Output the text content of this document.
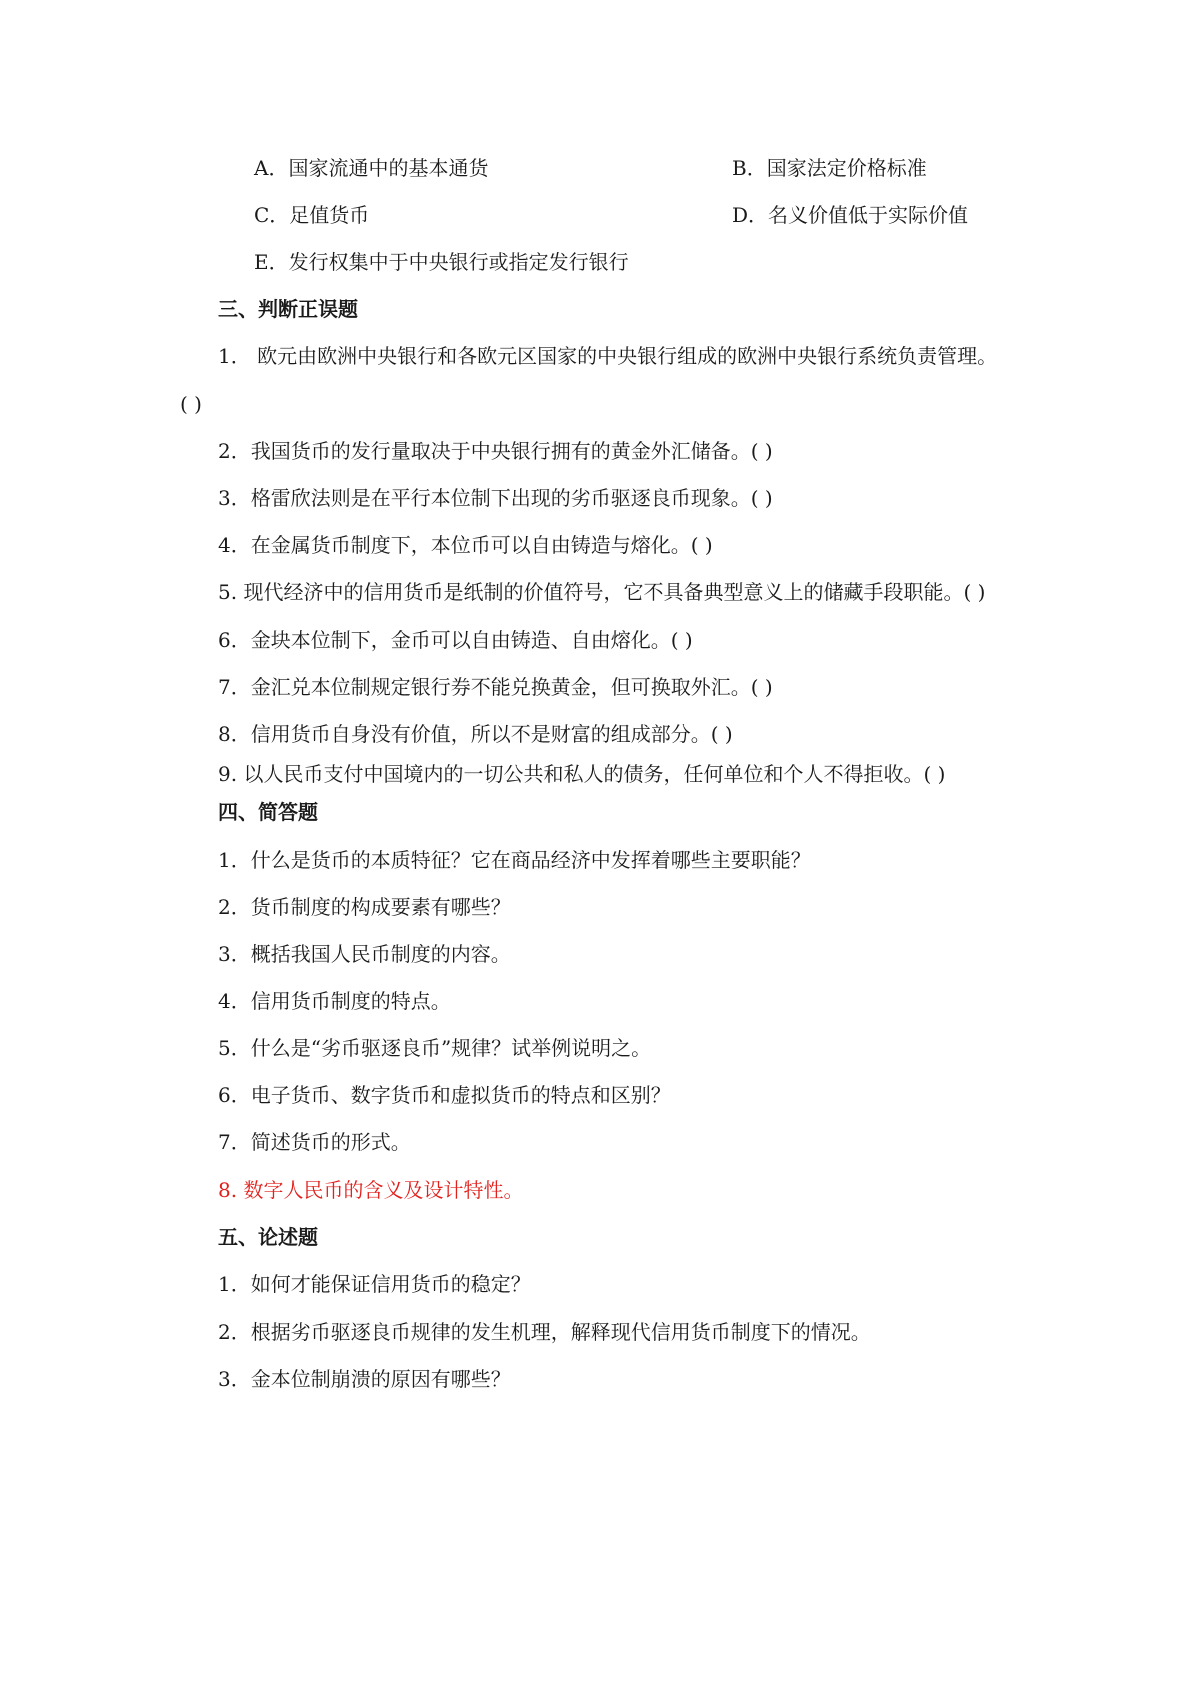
A．国家流通中的基本通货	B．国家法定价格标准
C．足值货币	D．名义价值低于实际价值
E．发行权集中于中央银行或指定发行银行
三、判断正误题
1． 欧元由欧洲中央银行和各欧元区国家的中央银行组成的欧洲中央银行系统负责管理。
( )
2．我国货币的发行量取决于中央银行拥有的黄金外汇储备。( )
3．格雷欣法则是在平行本位制下出现的劣币驱逐良币现象。( )
4．在金属货币制度下，本位币可以自由铸造与熔化。( )
5. 现代经济中的信用货币是纸制的价值符号，它不具备典型意义上的储藏手段职能。( )
6．金块本位制下，金币可以自由铸造、自由熔化。( )
7．金汇兑本位制规定银行券不能兑换黄金，但可换取外汇。( )
8．信用货币自身没有价值，所以不是财富的组成部分。( )
9. 以人民币支付中国境内的一切公共和私人的债务，任何单位和个人不得拒收。( )
四、简答题
1．什么是货币的本质特征？它在商品经济中发挥着哪些主要职能？
2．货币制度的构成要素有哪些？
3．概括我国人民币制度的内容。
4．信用货币制度的特点。
5．什么是“劣币驱逐良币”规律？试举例说明之。
6．电子货币、数字货币和虚拟货币的特点和区别？
7．简述货币的形式。
8. 数字人民币的含义及设计特性。
五、论述题
1．如何才能保证信用货币的稳定？
2．根据劣币驱逐良币规律的发生机理，解释现代信用货币制度下的情况。
3．金本位制崩溃的原因有哪些？
